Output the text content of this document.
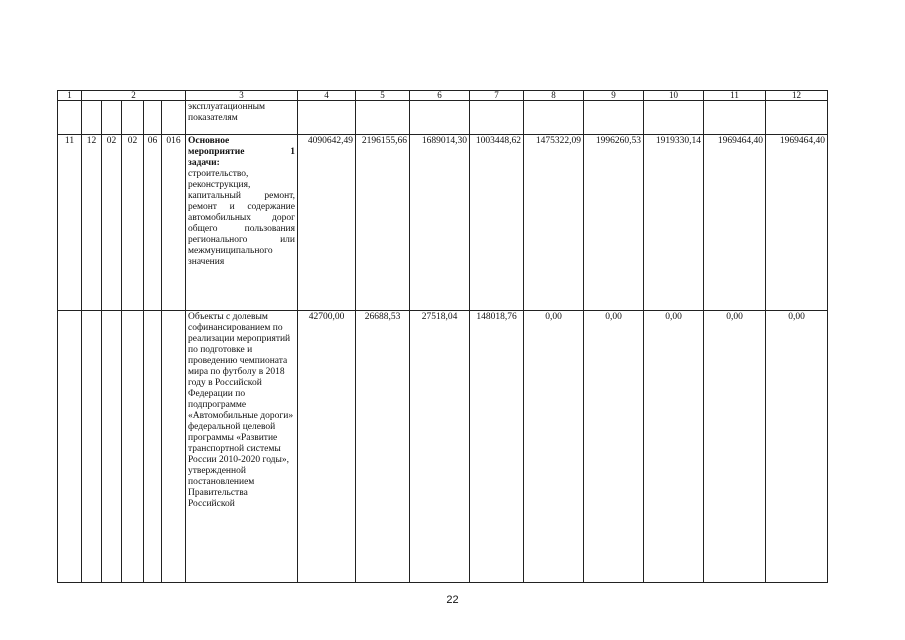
1	2					3	4	5	6	7	8	9	10	11	12

						эксплуатационным
показателям									

11	12	02	02	06	016	Основное
мероприятие 1
задачи:
строительство, реконструкция, капитальный ремонт, ремонт и содержание автомобильных дорог общего пользования регионального или межмуниципального значения	4090642,49	2196155,66	1689014,30	1003448,62	1475322,09	1996260,53	1919330,14	1969464,40	1969464,40
						Объекты с долевым софинансированием по реализации мероприятий по подготовке и проведению чемпионата мира по футболу в 2018 году в Российской Федерации по подпрограмме «Автомобильные дороги» федеральной целевой программы «Развитие транспортной системы России 2010-2020 годы», утвержденной постановлением Правительства Российской	42700,00	26688,53	27518,04	148018,76	0,00	0,00	0,00	0,00	0,00
22
